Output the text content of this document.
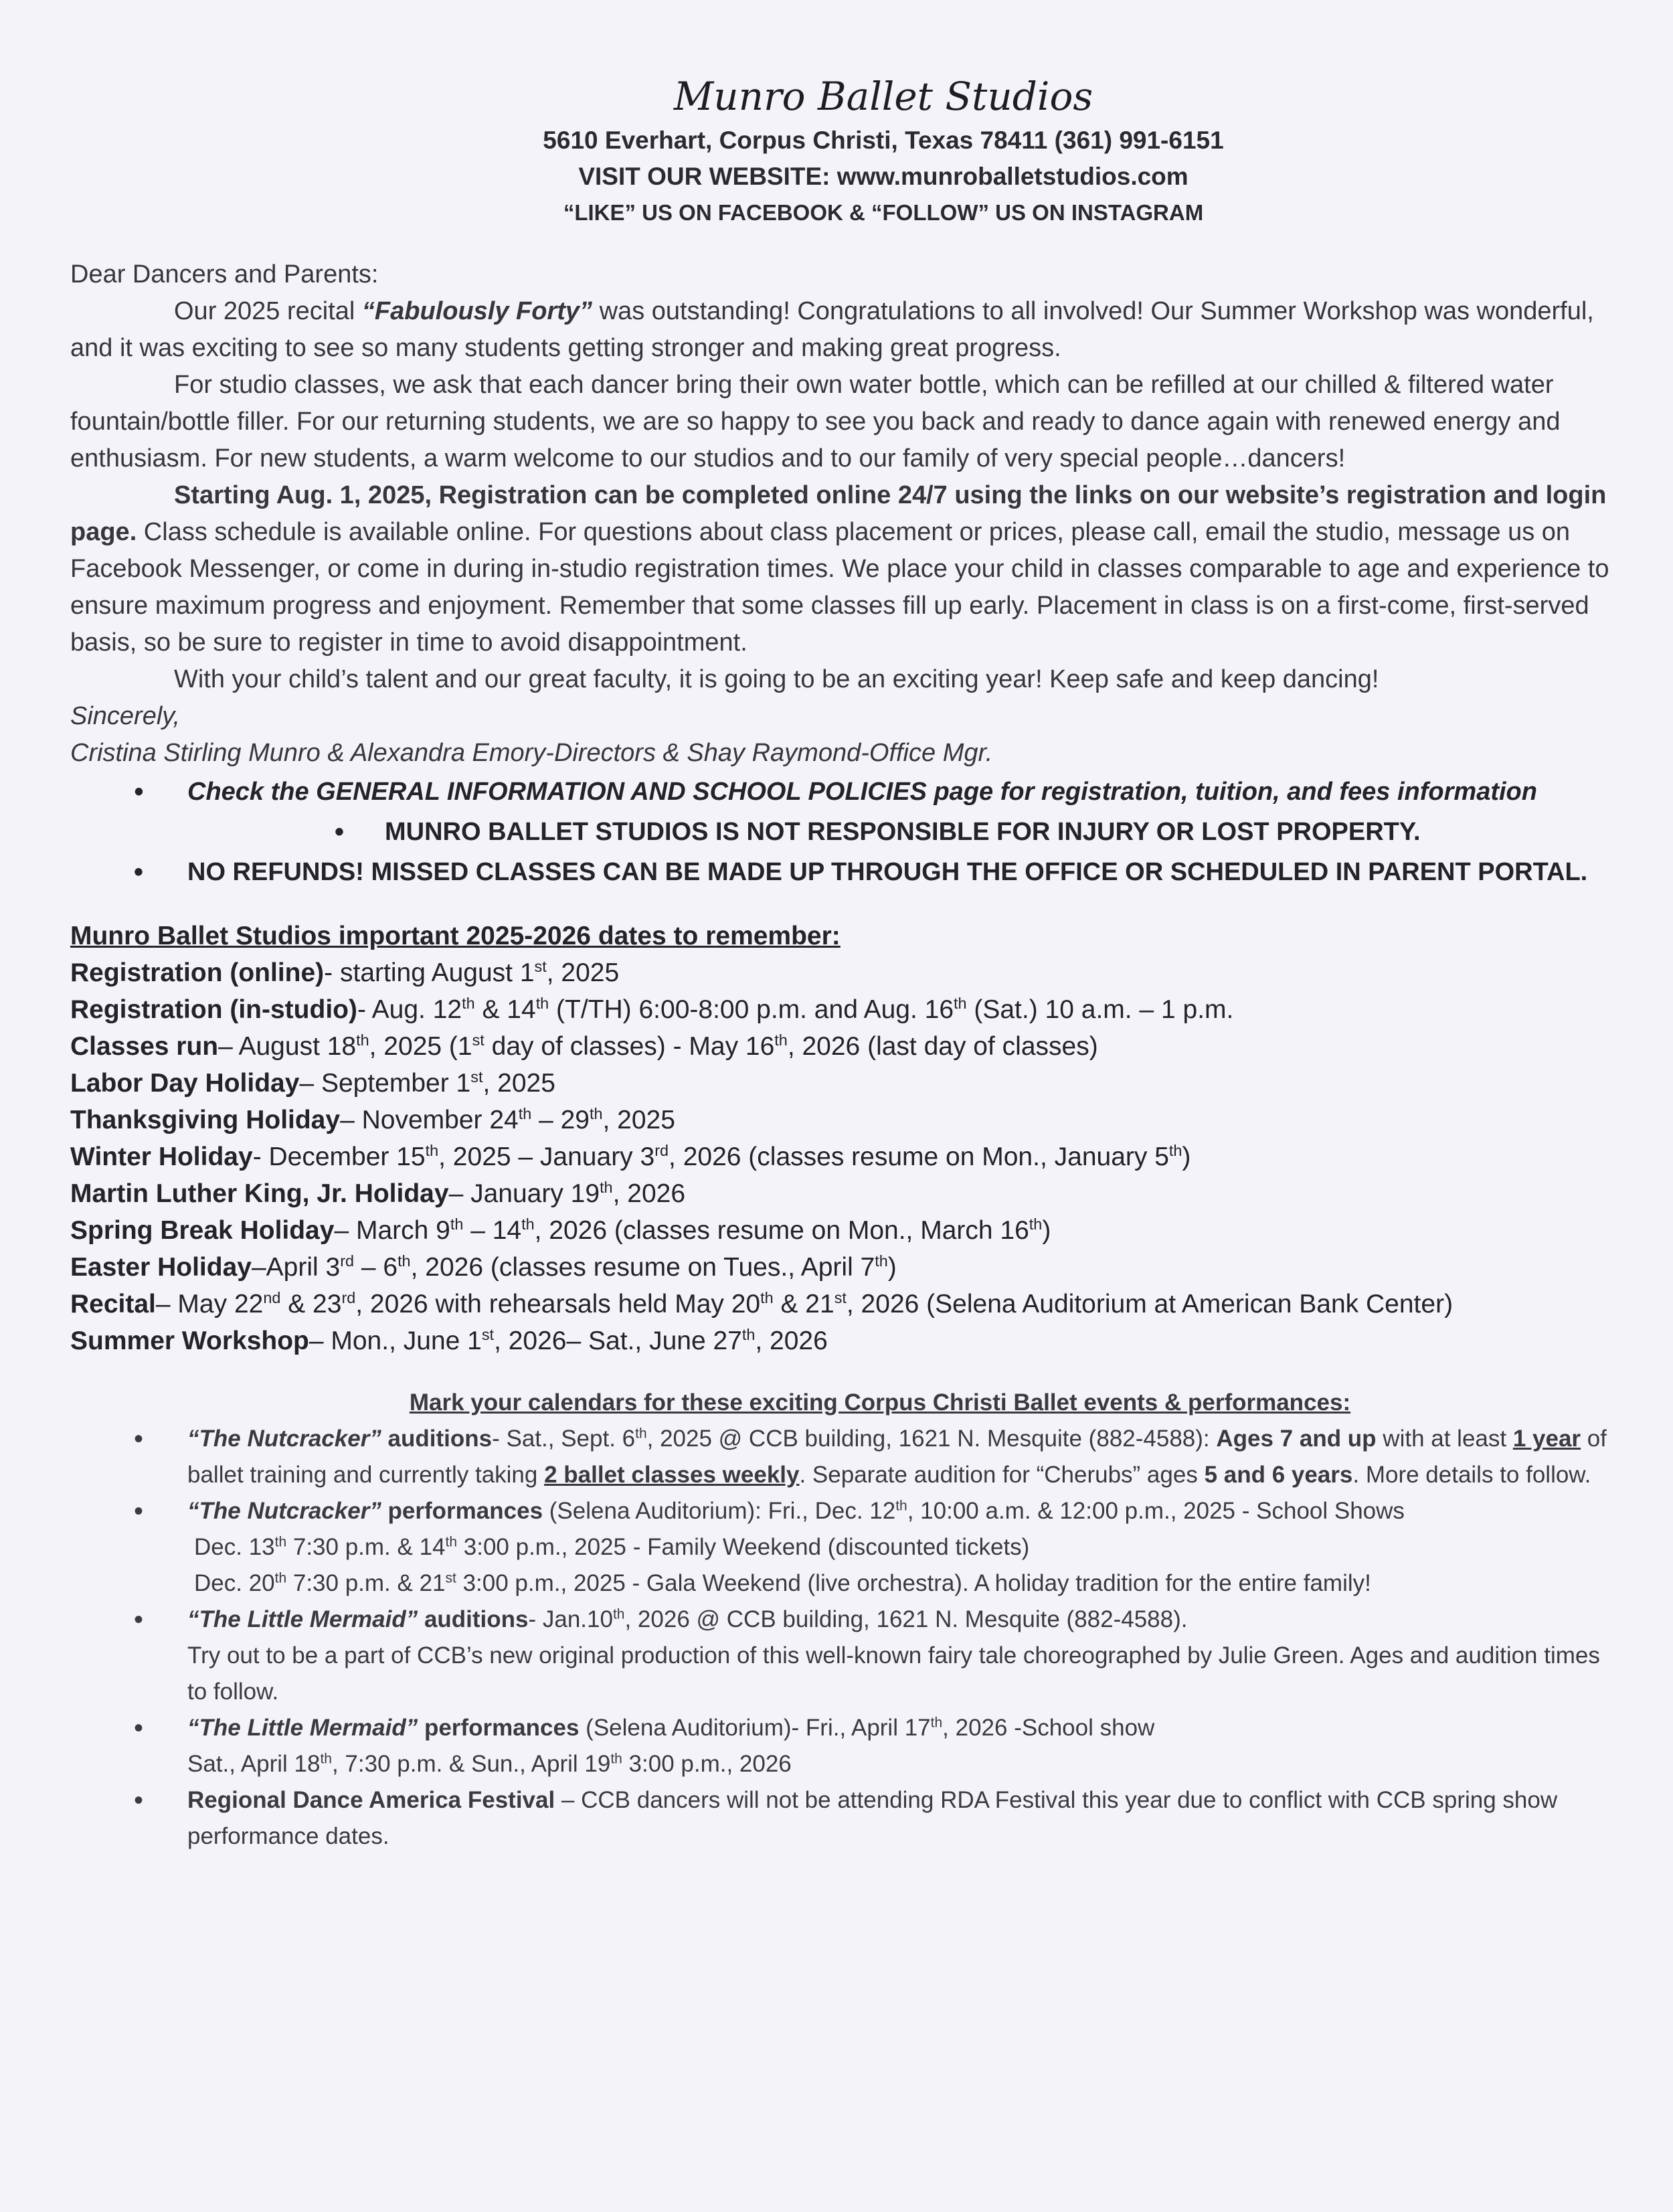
Munro Ballet Studios
5610 Everhart, Corpus Christi, Texas 78411 (361) 991-6151
VISIT OUR WEBSITE: www.munroballetstudios.com
“LIKE” US ON FACEBOOK & “FOLLOW” US ON INSTAGRAM

Dear Dancers and Parents:

Our 2025 recital “Fabulously Forty” was outstanding! Congratulations to all involved! Our Summer Workshop was wonderful, and it was exciting to see so many students getting stronger and making great progress.

For studio classes, we ask that each dancer bring their own water bottle, which can be refilled at our chilled & filtered water fountain/bottle filler. For our returning students, we are so happy to see you back and ready to dance again with renewed energy and enthusiasm. For new students, a warm welcome to our studios and to our family of very special people…dancers!

Starting Aug. 1, 2025, Registration can be completed online 24/7 using the links on our website’s registration and login page. Class schedule is available online. For questions about class placement or prices, please call, email the studio, message us on Facebook Messenger, or come in during in-studio registration times. We place your child in classes comparable to age and experience to ensure maximum progress and enjoyment. Remember that some classes fill up early. Placement in class is on a first-come, first-served basis, so be sure to register in time to avoid disappointment.

With your child’s talent and our great faculty, it is going to be an exciting year! Keep safe and keep dancing!

Sincerely,

Cristina Stirling Munro & Alexandra Emory-Directors & Shay Raymond-Office Mgr.

• Check the GENERAL INFORMATION AND SCHOOL POLICIES page for registration, tuition, and fees information
• MUNRO BALLET STUDIOS IS NOT RESPONSIBLE FOR INJURY OR LOST PROPERTY.
• NO REFUNDS! MISSED CLASSES CAN BE MADE UP THROUGH THE OFFICE OR SCHEDULED IN PARENT PORTAL.
Munro Ballet Studios important 2025-2026 dates to remember:
Registration (online)- starting August 1st, 2025
Registration (in-studio)- Aug. 12th & 14th (T/TH) 6:00-8:00 p.m. and Aug. 16th (Sat.) 10 a.m. – 1 p.m.
Classes run– August 18th, 2025 (1st day of classes) - May 16th, 2026 (last day of classes)
Labor Day Holiday– September 1st, 2025
Thanksgiving Holiday– November 24th – 29th, 2025
Winter Holiday- December 15th, 2025 – January 3rd, 2026 (classes resume on Mon., January 5th)
Martin Luther King, Jr. Holiday– January 19th, 2026
Spring Break Holiday– March 9th – 14th, 2026 (classes resume on Mon., March 16th)
Easter Holiday–April 3rd – 6th, 2026 (classes resume on Tues., April 7th)
Recital– May 22nd & 23rd, 2026 with rehearsals held May 20th & 21st, 2026 (Selena Auditorium at American Bank Center)
Summer Workshop– Mon., June 1st, 2026– Sat., June 27th, 2026
Mark your calendars for these exciting Corpus Christi Ballet events & performances:
• “The Nutcracker” auditions- Sat., Sept. 6th, 2025 @ CCB building, 1621 N. Mesquite (882-4588): Ages 7 and up with at least 1 year of ballet training and currently taking 2 ballet classes weekly. Separate audition for “Cherubs” ages 5 and 6 years. More details to follow.
• “The Nutcracker” performances (Selena Auditorium): Fri., Dec. 12th, 10:00 a.m. & 12:00 p.m., 2025 - School Shows
Dec. 13th 7:30 p.m. & 14th 3:00 p.m., 2025 - Family Weekend (discounted tickets)
Dec. 20th 7:30 p.m. & 21st 3:00 p.m., 2025 - Gala Weekend (live orchestra). A holiday tradition for the entire family!
• “The Little Mermaid” auditions- Jan.10th, 2026 @ CCB building, 1621 N. Mesquite (882-4588).
Try out to be a part of CCB’s new original production of this well-known fairy tale choreographed by Julie Green. Ages and audition times to follow.
• “The Little Mermaid” performances (Selena Auditorium)- Fri., April 17th, 2026 -School show
Sat., April 18th, 7:30 p.m. & Sun., April 19th 3:00 p.m., 2026
• Regional Dance America Festival – CCB dancers will not be attending RDA Festival this year due to conflict with CCB spring show performance dates.
